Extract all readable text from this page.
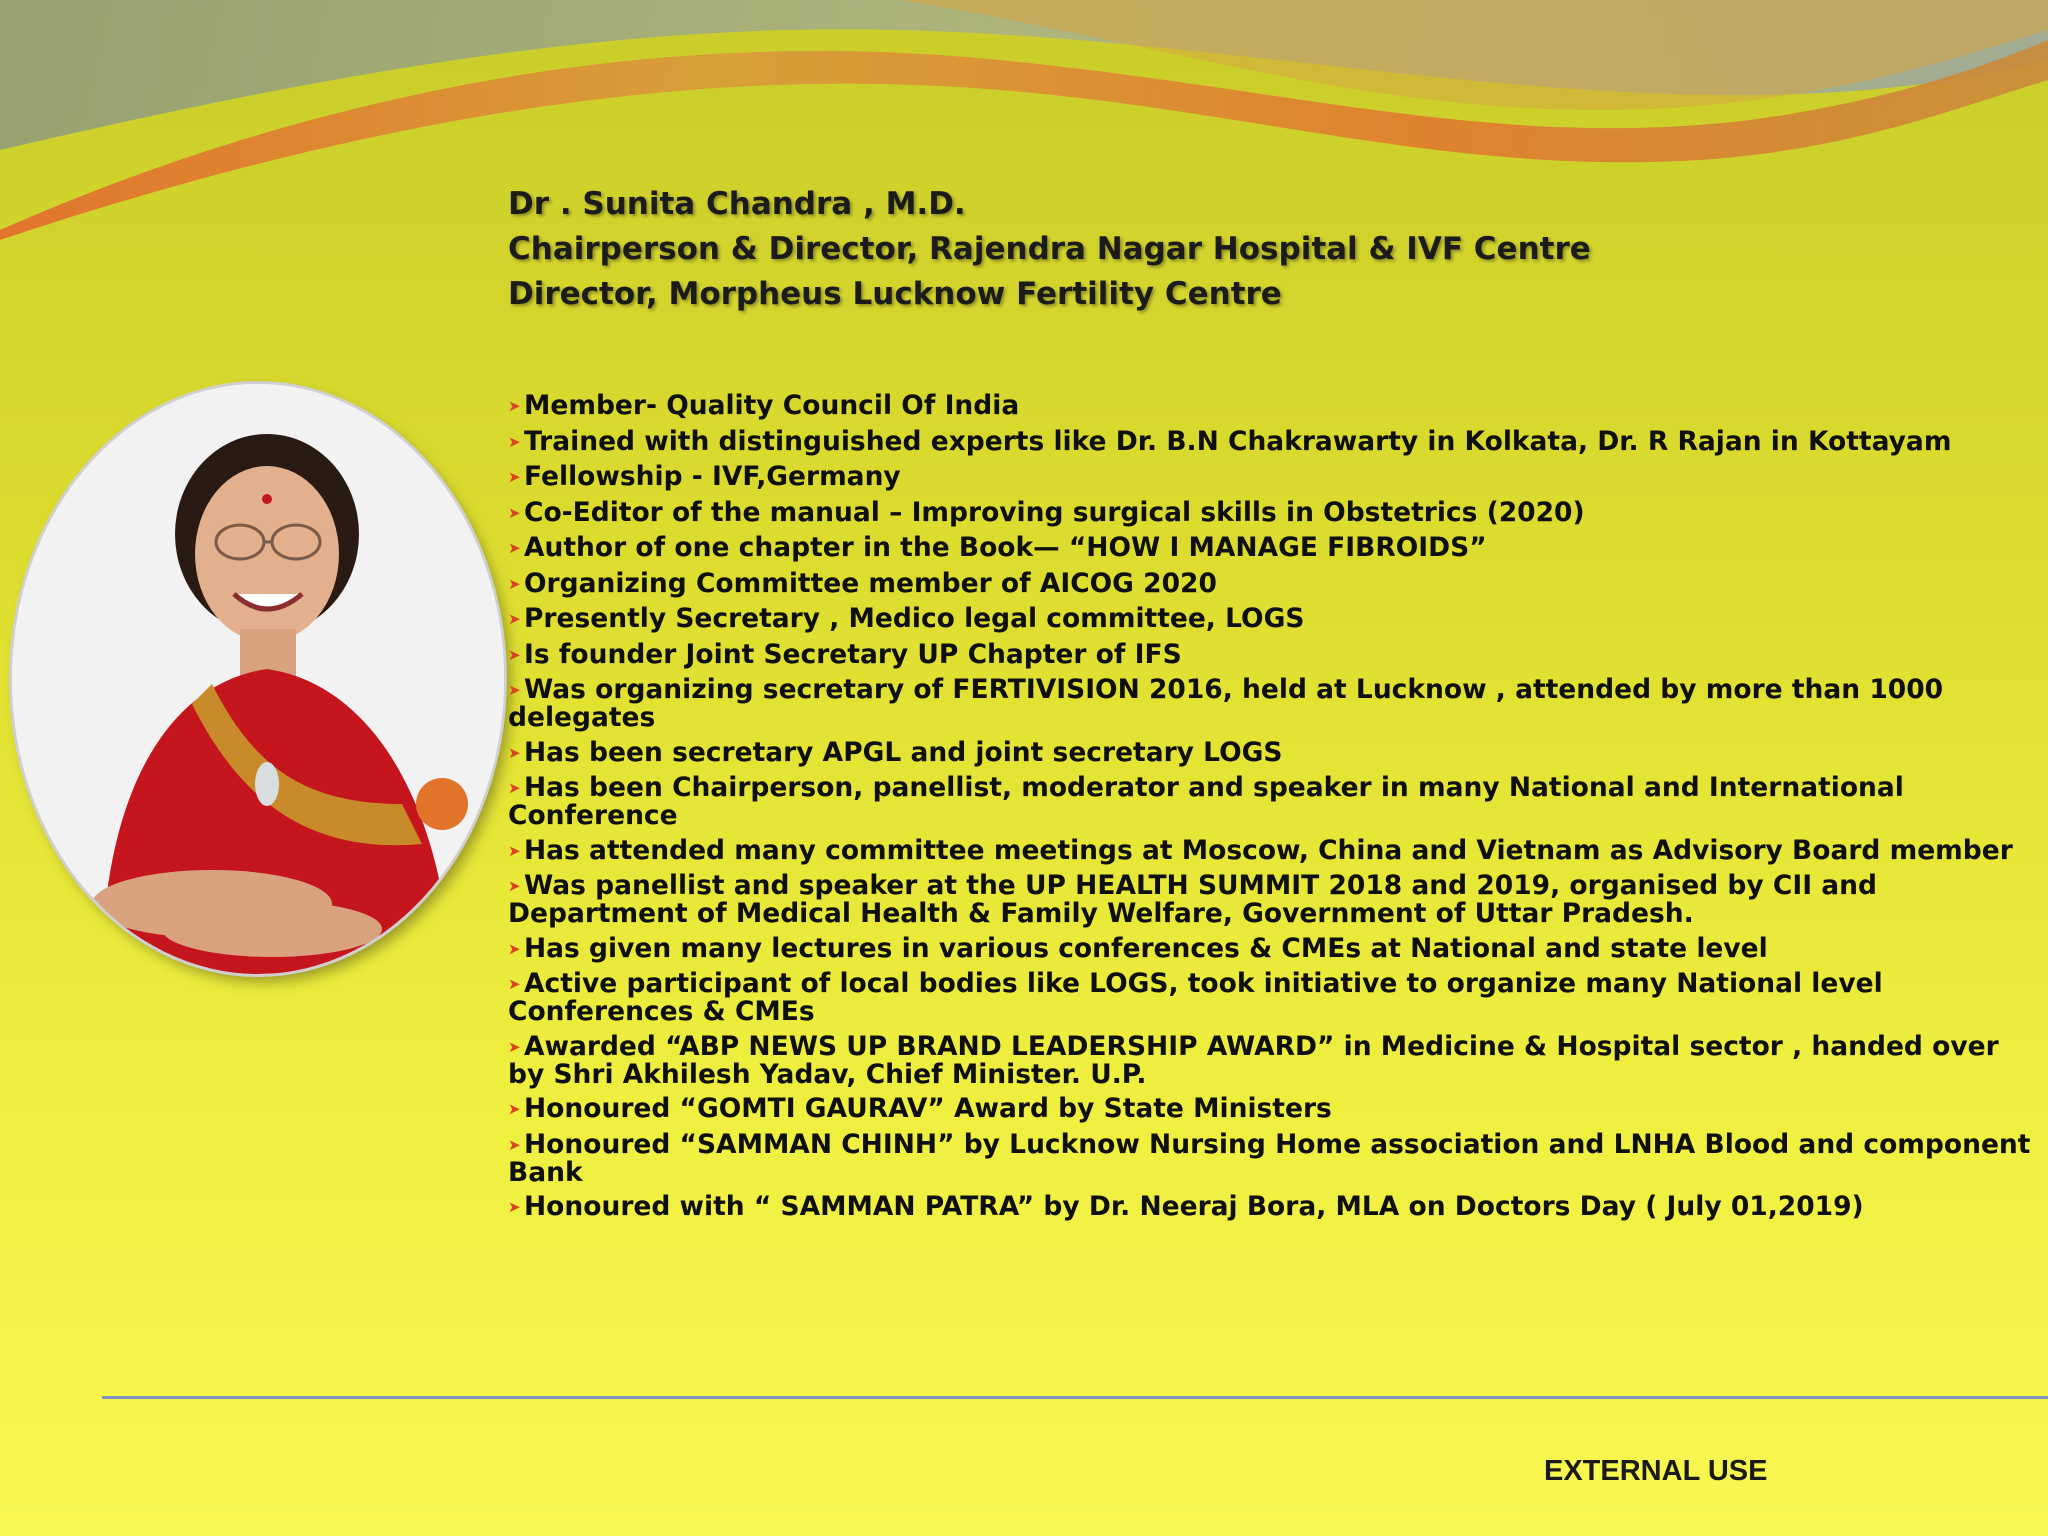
Dr . Sunita Chandra , M.D.
Chairperson & Director, Rajendra Nagar Hospital & IVF Centre
Director, Morpheus Lucknow Fertility Centre
➤ Member- Quality Council Of India
➤ Trained with distinguished experts like Dr. B.N Chakrawarty in Kolkata, Dr. R Rajan in Kottayam
➤ Fellowship - IVF,Germany
➤ Co-Editor of the manual – Improving surgical skills in Obstetrics (2020)
➤ Author of one chapter in the Book— “HOW I MANAGE FIBROIDS”
➤ Organizing Committee member of AICOG 2020
➤ Presently Secretary , Medico legal committee, LOGS
➤ Is founder Joint Secretary UP Chapter of IFS
➤ Was organizing secretary of FERTIVISION 2016, held at Lucknow , attended by more than 1000 delegates
➤ Has been secretary APGL and joint secretary LOGS
➤ Has been Chairperson, panellist, moderator and speaker in many National and International Conference
➤ Has attended many committee meetings at Moscow, China and Vietnam as Advisory Board member
➤ Was panellist and speaker at the UP HEALTH SUMMIT 2018 and 2019, organised by CII and Department of Medical Health & Family Welfare, Government of Uttar Pradesh.
➤ Has given many lectures in various conferences & CMEs at National and state level
➤ Active participant of local bodies like LOGS, took initiative to organize many National level Conferences & CMEs
➤ Awarded “ABP NEWS UP BRAND LEADERSHIP AWARD” in Medicine & Hospital sector , handed over by Shri Akhilesh Yadav, Chief Minister. U.P.
➤ Honoured “GOMTI GAURAV” Award by State Ministers
➤ Honoured “SAMMAN CHINH” by Lucknow Nursing Home association and LNHA Blood and component Bank
➤ Honoured with “ SAMMAN PATRA” by Dr. Neeraj Bora, MLA on Doctors Day ( July 01,2019)
EXTERNAL USE
